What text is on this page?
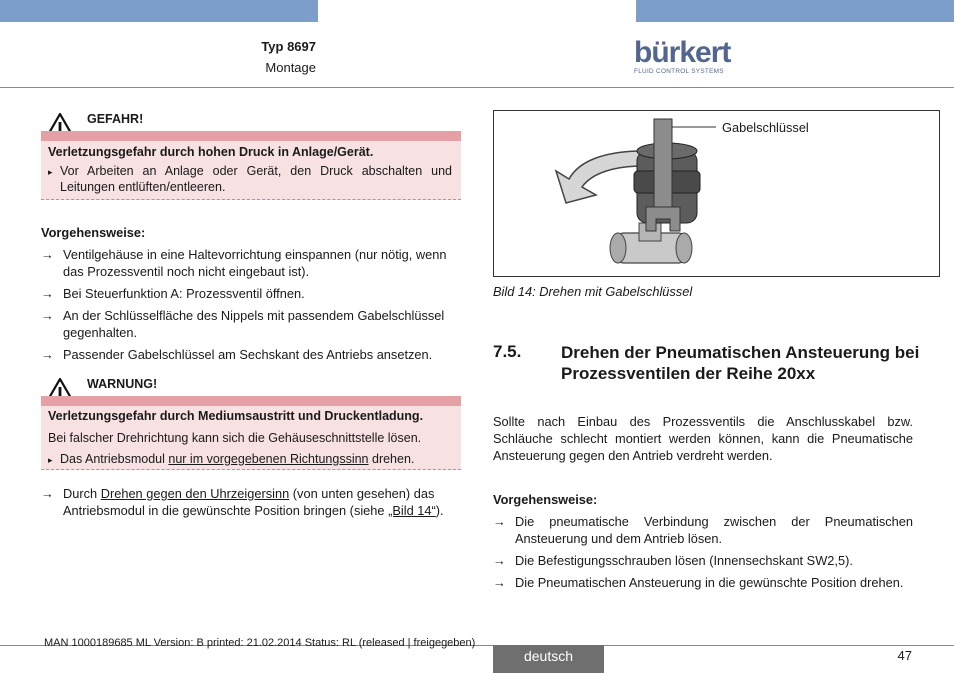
Typ 8697
Montage	bürkert
FLUID CONTROL SYSTEMS
GEFAHR!
Verletzungsgefahr durch hohen Druck in Anlage/Gerät.
▸ Vor Arbeiten an Anlage oder Gerät, den Druck abschalten und Leitungen entlüften/entleeren.
Vorgehensweise:
→ Ventilgehäuse in eine Haltevorrichtung einspannen (nur nötig, wenn das Prozessventil noch nicht eingebaut ist).
→ Bei Steuerfunktion A: Prozessventil öffnen.
→ An der Schlüsselfläche des Nippels mit passendem Gabelschlüssel gegenhalten.
→ Passender Gabelschlüssel am Sechskant des Antriebs ansetzen.
WARNUNG!
Verletzungsgefahr durch Mediumsaustritt und Druckentladung.
Bei falscher Drehrichtung kann sich die Gehäuseschnittstelle lösen.
▸ Das Antriebsmodul nur im vorgegebenen Richtungssinn drehen.
→ Durch Drehen gegen den Uhrzeigersinn (von unten gesehen) das
Antriebsmodul in die gewünschte Position bringen (siehe „Bild 14“).
Gabelschlüssel
Bild 14: Drehen mit Gabelschlüssel
7.5. Drehen der Pneumatischen Ansteuerung bei Prozessventilen der Reihe 20xx
Sollte nach Einbau des Prozessventils die Anschlusskabel bzw. Schläuche schlecht montiert werden können, kann die Pneumatische Ansteuerung gegen den Antrieb verdreht werden.
Vorgehensweise:
→ Die pneumatische Verbindung zwischen der Pneumatischen Ansteuerung und dem Antrieb lösen.
→ Die Befestigungsschrauben lösen (Innensechskant SW2,5).
→ Die Pneumatischen Ansteuerung in die gewünschte Position drehen.
MAN 1000189685 ML Version: B printed: 21.02.2014 Status: RL (released | freigegeben)
deutsch	47
